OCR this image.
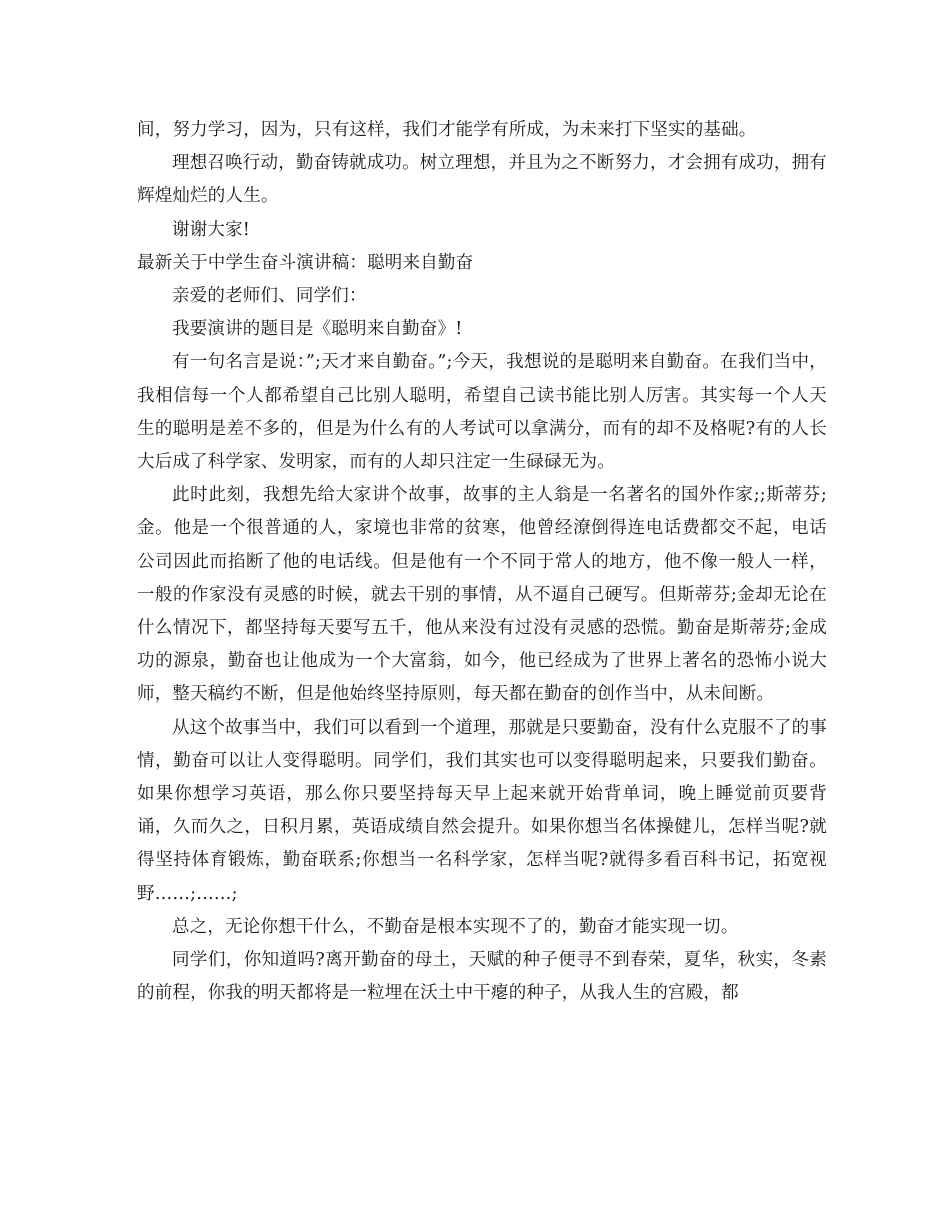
间，努力学习，因为，只有这样，我们才能学有所成，为未来打下坚实的基础。

理想召唤行动，勤奋铸就成功。树立理想，并且为之不断努力，才会拥有成功，拥有辉煌灿烂的人生。

谢谢大家!

最新关于中学生奋斗演讲稿：聪明来自勤奋

亲爱的老师们、同学们：

我要演讲的题目是《聪明来自勤奋》!

有一句名言是说：”;天才来自勤奋。”;今天，我想说的是聪明来自勤奋。在我们当中，我相信每一个人都希望自己比别人聪明，希望自己读书能比别人厉害。其实每一个人天生的聪明是差不多的，但是为什么有的人考试可以拿满分，而有的却不及格呢?有的人长大后成了科学家、发明家，而有的人却只注定一生碌碌无为。

此时此刻，我想先给大家讲个故事，故事的主人翁是一名著名的国外作家;;斯蒂芬;金。他是一个很普通的人，家境也非常的贫寒，他曾经潦倒得连电话费都交不起，电话公司因此而掐断了他的电话线。但是他有一个不同于常人的地方，他不像一般人一样，一般的作家没有灵感的时候，就去干别的事情，从不逼自己硬写。但斯蒂芬;金却无论在什么情况下，都坚持每天要写五千，他从来没有过没有灵感的恐慌。勤奋是斯蒂芬;金成功的源泉，勤奋也让他成为一个大富翁，如今，他已经成为了世界上著名的恐怖小说大师，整天稿约不断，但是他始终坚持原则，每天都在勤奋的创作当中，从未间断。

从这个故事当中，我们可以看到一个道理，那就是只要勤奋，没有什么克服不了的事情，勤奋可以让人变得聪明。同学们，我们其实也可以变得聪明起来，只要我们勤奋。如果你想学习英语，那么你只要坚持每天早上起来就开始背单词，晚上睡觉前页要背诵，久而久之，日积月累，英语成绩自然会提升。如果你想当名体操健儿，怎样当呢?就得坚持体育锻炼，勤奋联系;你想当一名科学家，怎样当呢?就得多看百科书记，拓宽视野……;……;

总之，无论你想干什么，不勤奋是根本实现不了的，勤奋才能实现一切。

同学们，你知道吗?离开勤奋的母土，天赋的种子便寻不到春荣，夏华，秋实，冬素的前程，你我的明天都将是一粒埋在沃土中干瘪的种子，从我人生的宫殿，都
